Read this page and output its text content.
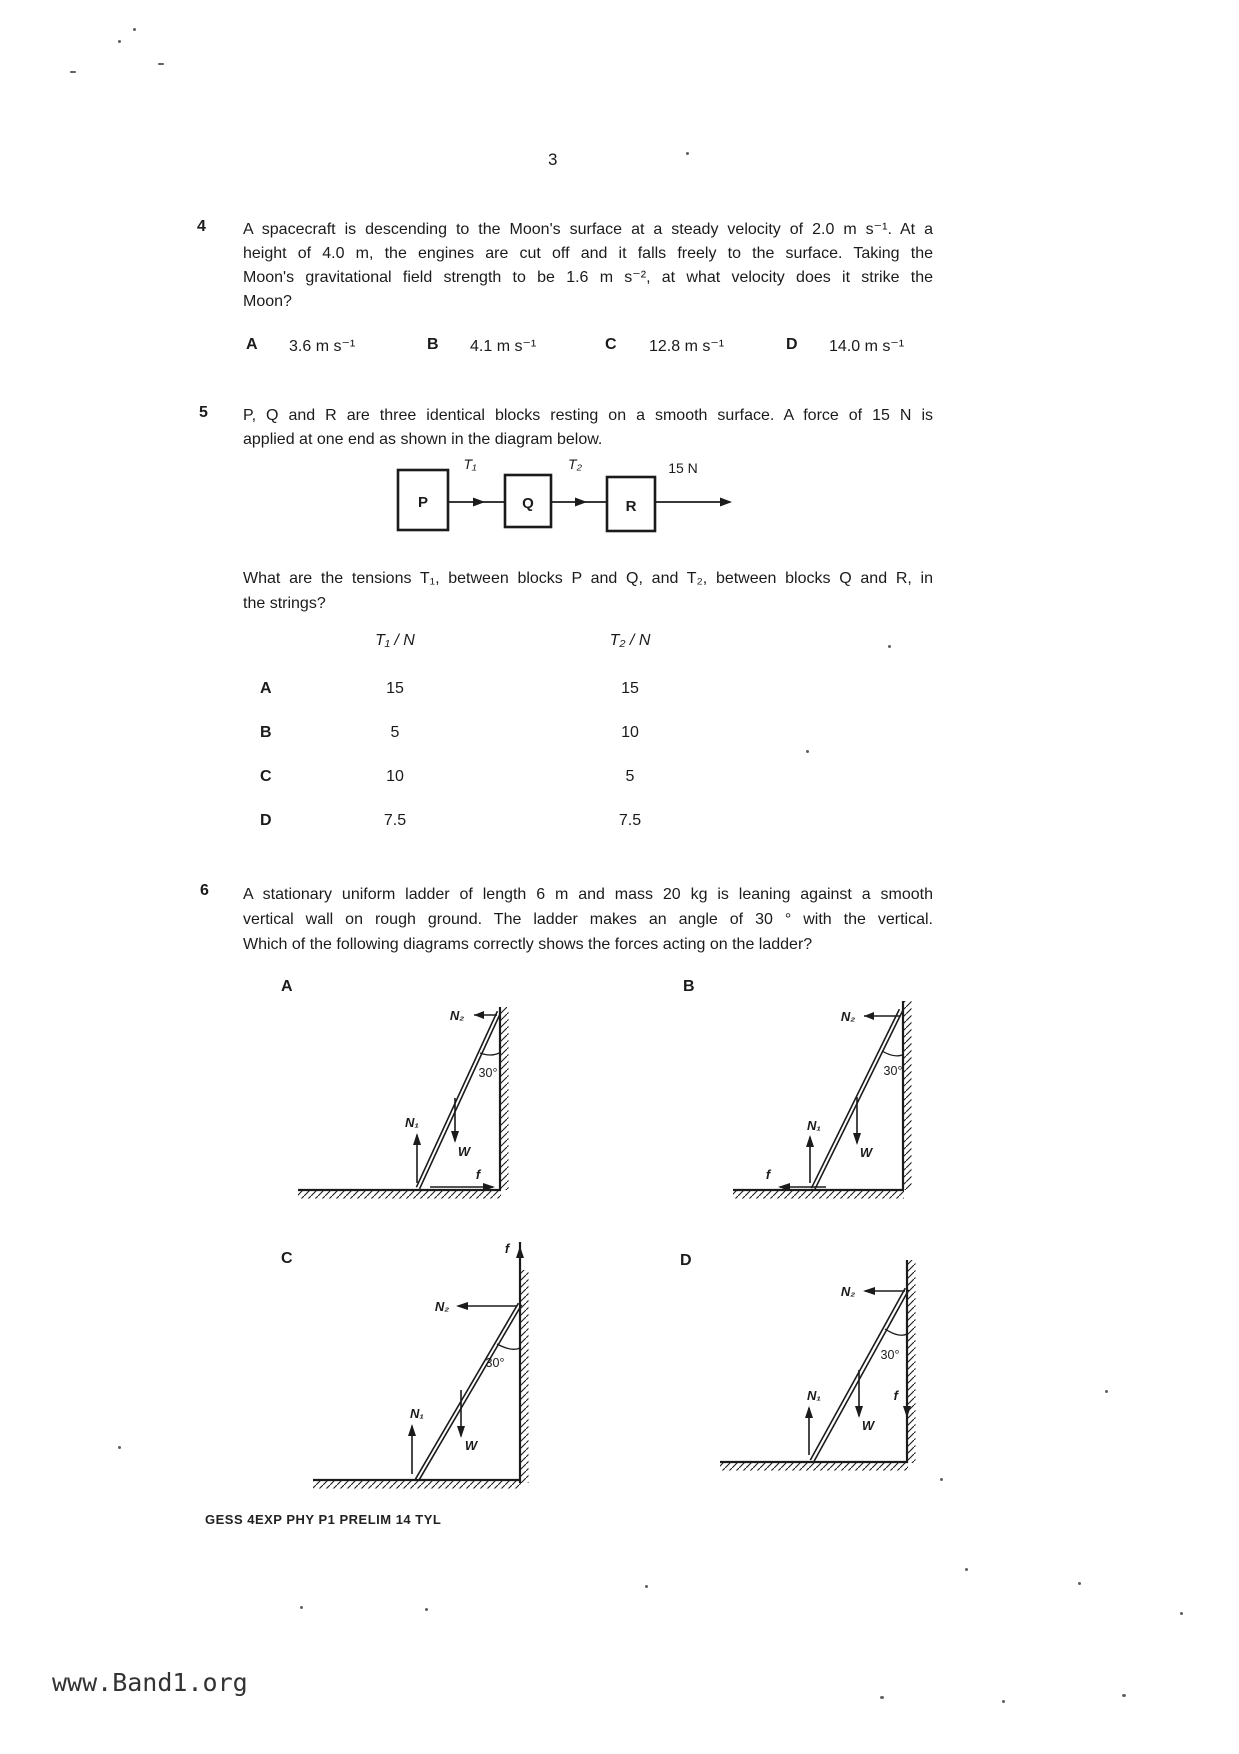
3
4 A spacecraft is descending to the Moon's surface at a steady velocity of 2.0 m s⁻¹. At a
height of 4.0 m, the engines are cut off and it falls freely to the surface. Taking the
Moon's gravitational field strength to be 1.6 m s⁻², at what velocity does it strike the
Moon?
A 3.6 m s⁻¹	B 4.1 m s⁻¹	C 12.8 m s⁻¹	D 14.0 m s⁻¹
5 P, Q and R are three identical blocks resting on a smooth surface. A force of 15 N is
applied at one end as shown in the diagram below.
P	Q	R
T₁	T₂	15 N
What are the tensions T₁, between blocks P and Q, and T₂, between blocks Q and R, in
the strings?
T₁ / N	T₂ / N
A	15	15
B	5	10
C	10	5
D	7.5	7.5
6 A stationary uniform ladder of length 6 m and mass 20 kg is leaning against a smooth
vertical wall on rough ground. The ladder makes an angle of 30 ° with the vertical.
Which of the following diagrams correctly shows the forces acting on the ladder?
A
N₂
30°
W
N₁
f
B
N₂
30°
W
N₁
f
C
f
N₂
30°
W
N₁
D
N₂
30°
f
W
N₁
GESS 4EXP PHY P1 PRELIM 14 TYL
www.Band1.org
